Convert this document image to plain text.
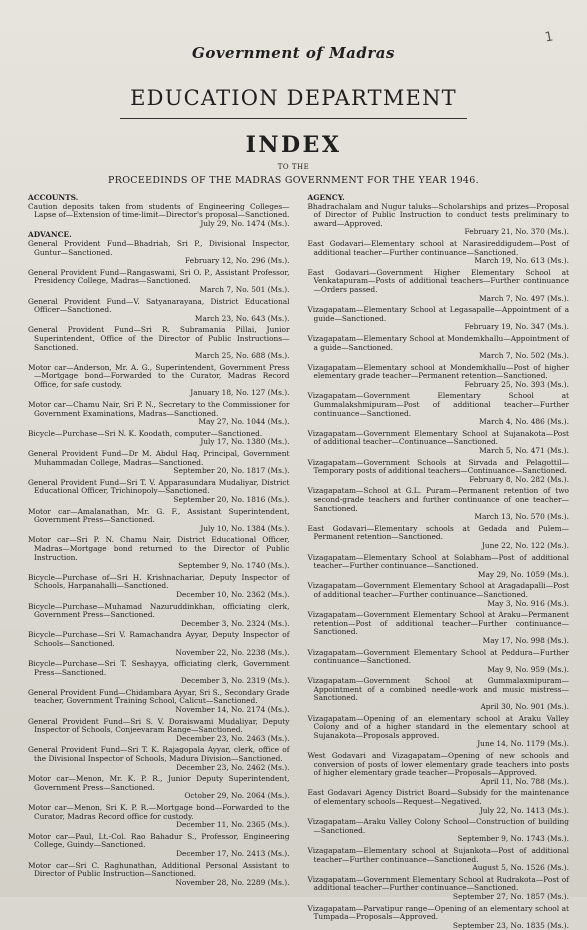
1
Government of Madras
EDUCATION DEPARTMENT
INDEX
TO THE
PROCEEDINDS OF THE MADRAS GOVERNMENT FOR THE YEAR 1946.
ACCOUNTS.
Caution deposits taken from students of Engineering Colleges—Lapse of—Extension of time-limit—Director's proposal—Sanctioned.
July 29, No. 1474 (Ms.).
ADVANCE.
General Provident Fund—Bhadriah, Sri P., Divisional Inspector, Guntur—Sanctioned.
February 12, No. 296 (Ms.).
General Provident Fund—Rangaswami, Sri O. P., Assistant Professor, Presidency College, Madras—Sanctioned.
March 7, No. 501 (Ms.).
General Provident Fund—V. Satyanarayana, District Educational Officer—Sanctioned.
March 23, No. 643 (Ms.).
General Provident Fund—Sri R. Subramania Pillai, Junior Superintendent, Office of the Director of Public Instructions—Sanctioned.
March 25, No. 688 (Ms.).
Motor car—Anderson, Mr. A. G., Superintendent, Government Press—Mortgage bond—Forwarded to the Curator, Madras Record Office, for safe custody.
January 18, No. 127 (Ms.).
Motor car—Chamu Nair, Sri P. N., Secretary to the Commissioner for Government Examinations, Madras—Sanctioned.
May 27, No. 1044 (Ms.).
Bicycle—Purchase—Sri N. K. Koodath, computer—Sanctioned.
July 17, No. 1380 (Ms.).
General Provident Fund—Dr M. Abdul Haq, Principal, Government Muhammadan College, Madras—Sanctioned.
September 20, No. 1817 (Ms.).
General Provident Fund—Sri T. V. Apparasundara Mudaliyar, District Educational Officer, Trichinopoly—Sanctioned.
September 20, No. 1816 (Ms.).
Motor car—Amalanathan, Mr. G. F., Assistant Superintendent, Government Press—Sanctioned.
July 10, No. 1384 (Ms.).
Motor car—Sri P. N. Chamu Nair, District Educational Officer, Madras—Mortgage bond returned to the Director of Public Instruction.
September 9, No. 1740 (Ms.).
Bicycle—Purchase of—Sri H. Krishnachariar, Deputy Inspector of Schools, Harpanahalli—Sanctioned.
December 10, No. 2362 (Ms.).
Bicycle—Purchase—Muhamad Nazuruddinkhan, officiating clerk, Government Press—Sanctioned.
December 3, No. 2324 (Ms.).
Bicycle—Purchase—Sri V. Ramachandra Ayyar, Deputy Inspector of Schools—Sanctioned.
November 22, No. 2238 (Ms.).
Bicycle—Purchase—Sri T. Seshayya, officiating clerk, Government Press—Sanctioned.
December 3, No. 2319 (Ms.).
General Provident Fund—Chidambara Ayyar, Sri S., Secondary Grade teacher, Government Training School, Calicut—Sanctioned.
November 14, No. 2174 (Ms.).
General Provident Fund—Sri S. V. Doraiswami Mudaliyar, Deputy Inspector of Schools, Conjeevaram Range—Sanctioned.
December 23, No. 2463 (Ms.).
General Provident Fund—Sri T. K. Rajagopala Ayyar, clerk, office of the Divisional Inspector of Schools, Madura Division—Sanctioned.
December 23, No. 2462 (Ms.).
Motor car—Menon, Mr. K. P. R., Junior Deputy Superintendent, Government Press—Sanctioned.
October 29, No. 2064 (Ms.).
Motor car—Menon, Sri K. P. R.—Mortgage bond—Forwarded to the Curator, Madras Record office for custody.
December 11, No. 2365 (Ms.).
Motor car—Paul, Lt.-Col. Rao Bahadur S., Professor, Engineering College, Guindy—Sanctioned.
December 17, No. 2413 (Ms.).
Motor car—Sri C. Raghunathan, Additional Personal Assistant to Director of Public Instruction—Sanctioned.
November 28, No. 2289 (Ms.).
AGENCY.
Bhadrachalam and Nugur taluks—Scholarships and prizes—Proposal of Director of Public Instruction to conduct tests preliminary to award—Approved.
February 21, No. 370 (Ms.).
East Godavari—Elementary school at Narasireddigudem—Post of additional teacher—Further continuance—Sanctioned.
March 19, No. 613 (Ms.).
East Godavari—Government Higher Elementary School at Venkatapuram—Posts of additional teachers—Further continuance—Orders passed.
March 7, No. 497 (Ms.).
Vizagapatam—Elementary School at Legasapalle—Appointment of a guide—Sanctioned.
February 19, No. 347 (Ms.).
Vizagapatam—Elementary School at Mondemkhallu—Appointment of a guide—Sanctioned.
March 7, No. 502 (Ms.).
Vizagapatam—Elementary school at Mondemkhallu—Post of higher elementary grade teacher—Permanent retention—Sanctioned.
February 25, No. 393 (Ms.).
Vizagapatam—Government Elementary School at Gummalakshmipuram—Post of additional teacher—Further continuance—Sanctioned.
March 4, No. 486 (Ms.).
Vizagapatam—Government Elementary School at Sujanakota—Post of additional teacher—Continuance—Sanctioned.
March 5, No. 471 (Ms.).
Vizagapatam—Government Schools at Sirvada and Pelagottil—Temporary posts of additional teachers—Continuance—Sanctioned.
February 8, No. 282 (Ms.).
Vizagapatam—School at G.L. Puram—Permanent retention of two second-grade teachers and further continuance of one teacher—Sanctioned.
March 13, No. 570 (Ms.).
East Godavari—Elementary schools at Gedada and Pulem—Permanent retention—Sanctioned.
June 22, No. 122 (Ms.).
Vizagapatam—Elementary School at Solabham—Post of additional teacher—Further continuance—Sanctioned.
May 29, No. 1059 (Ms.).
Vizagapatam—Government Elementary School at Aragadapalli—Post of additional teacher—Further continuance—Sanctioned.
May 3, No. 916 (Ms.).
Vizagapatam—Government Elementary School at Araku—Permanent retention—Post of additional teacher—Further continuance—Sanctioned.
May 17, No. 998 (Ms.).
Vizagapatam—Government Elementary School at Peddura—Further continuance—Sanctioned.
May 9, No. 959 (Ms.).
Vizagapatam—Government School at Gummalaxmipuram—Appointment of a combined needle-work and music mistress—Sanctioned.
April 30, No. 901 (Ms.).
Vizagapatam—Opening of an elementary school at Araku Valley Colony and of a higher standard in the elementary school at Sujanakota—Proposals approved.
June 14, No. 1179 (Ms.).
West Godavari and Vizagapatam—Opening of new schools and conversion of posts of lower elementary grade teachers into posts of higher elementary grade teacher—Proposals—Approved.
April 11, No. 788 (Ms.).
East Godavari Agency District Board—Subsidy for the maintenance of elementary schools—Request—Negatived.
July 22, No. 1413 (Ms.).
Vizagapatam—Araku Valley Colony School—Construction of building—Sanctioned.
September 9, No. 1743 (Ms.).
Vizagapatam—Elementary school at Sujankota—Post of additional teacher—Further continuance—Sanctioned.
August 5, No. 1526 (Ms.).
Vizagapatam—Government Elementary School at Rudrakota—Post of additional teacher—Further continuance—Sanctioned.
September 27, No. 1857 (Ms.).
Vizagapatam—Parvatipur range—Opening of an elementary school at Tumpada—Proposals—Approved.
September 23, No. 1835 (Ms.).
